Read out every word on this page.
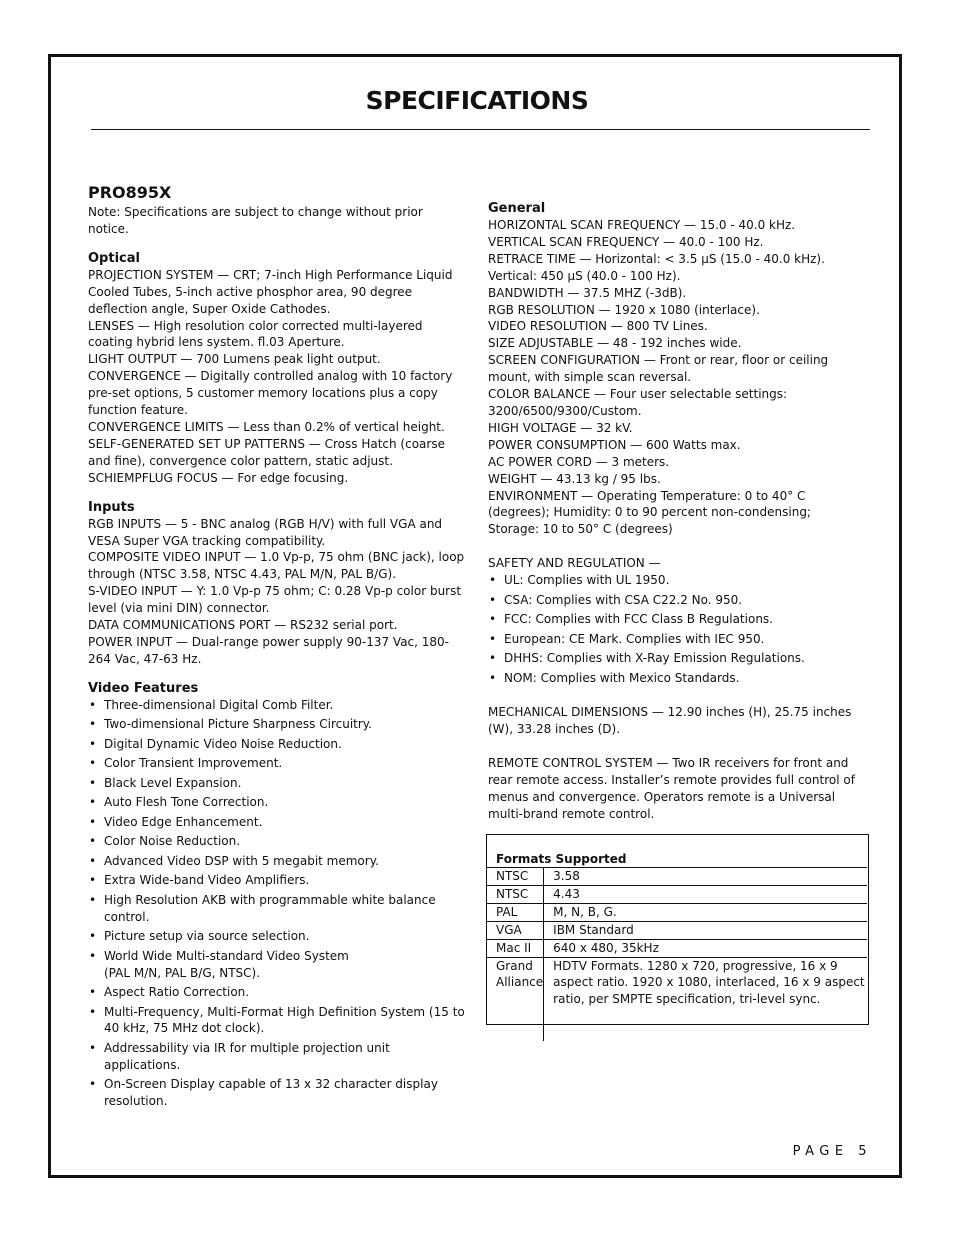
SPECIFICATIONS
PRO895X

Note: Specifications are subject to change without prior notice.

Optical

PROJECTION SYSTEM — CRT; 7-inch High Performance Liquid Cooled Tubes, 5-inch active phosphor area, 90 degree deflection angle, Super Oxide Cathodes.

LENSES — High resolution color corrected multi-layered coating hybrid lens system. fl.03 Aperture.

LIGHT OUTPUT — 700 Lumens peak light output.

CONVERGENCE — Digitally controlled analog with 10 factory pre-set options, 5 customer memory locations plus a copy function feature.

CONVERGENCE LIMITS — Less than 0.2% of vertical height.

SELF-GENERATED SET UP PATTERNS — Cross Hatch (coarse and fine), convergence color pattern, static adjust.

SCHIEMPFLUG FOCUS — For edge focusing.

Inputs

RGB INPUTS — 5 - BNC analog (RGB H/V) with full VGA and VESA Super VGA tracking compatibility.

COMPOSITE VIDEO INPUT — 1.0 Vp-p, 75 ohm (BNC jack), loop through (NTSC 3.58, NTSC 4.43, PAL M/N, PAL B/G).

S-VIDEO INPUT — Y: 1.0 Vp-p 75 ohm; C: 0.28 Vp-p color burst level (via mini DIN) connector.

DATA COMMUNICATIONS PORT — RS232 serial port.

POWER INPUT — Dual-range power supply 90-137 Vac, 180-264 Vac, 47-63 Hz.

Video Features
• Three-dimensional Digital Comb Filter.
• Two-dimensional Picture Sharpness Circuitry.
• Digital Dynamic Video Noise Reduction.
• Color Transient Improvement.
• Black Level Expansion.
• Auto Flesh Tone Correction.
• Video Edge Enhancement.
• Color Noise Reduction.
• Advanced Video DSP with 5 megabit memory.
• Extra Wide-band Video Amplifiers.
• High Resolution AKB with programmable white balance control.
• Picture setup via source selection.
• World Wide Multi-standard Video System
(PAL M/N, PAL B/G, NTSC).
• Aspect Ratio Correction.
• Multi-Frequency, Multi-Format High Definition System (15 to 40 kHz, 75 MHz dot clock).
• Addressability via IR for multiple projection unit applications.
• On-Screen Display capable of 13 x 32 character display resolution.
General

HORIZONTAL SCAN FREQUENCY — 15.0 - 40.0 kHz.

VERTICAL SCAN FREQUENCY — 40.0 - 100 Hz.

RETRACE TIME — Horizontal: < 3.5 µS (15.0 - 40.0 kHz).

Vertical: 450 µS (40.0 - 100 Hz).

BANDWIDTH — 37.5 MHZ (-3dB).

RGB RESOLUTION — 1920 x 1080 (interlace).

VIDEO RESOLUTION — 800 TV Lines.

SIZE ADJUSTABLE — 48 - 192 inches wide.

SCREEN CONFIGURATION — Front or rear, floor or ceiling mount, with simple scan reversal.

COLOR BALANCE — Four user selectable settings: 3200/6500/9300/Custom.

HIGH VOLTAGE — 32 kV.

POWER CONSUMPTION — 600 Watts max.

AC POWER CORD — 3 meters.

WEIGHT — 43.13 kg / 95 lbs.

ENVIRONMENT — Operating Temperature: 0 to 40° C (degrees); Humidity: 0 to 90 percent non-condensing;

Storage: 10 to 50° C (degrees)

SAFETY AND REGULATION —

• UL: Complies with UL 1950.
• CSA: Complies with CSA C22.2 No. 950.
• FCC: Complies with FCC Class B Regulations.
• European: CE Mark. Complies with IEC 950.
• DHHS: Complies with X-Ray Emission Regulations.
• NOM: Complies with Mexico Standards.

MECHANICAL DIMENSIONS — 12.90 inches (H), 25.75 inches (W), 33.28 inches (D).

REMOTE CONTROL SYSTEM — Two IR receivers for front and rear remote access. Installer’s remote provides full control of menus and convergence. Operators remote is a Universal multi-brand remote control.

Formats Supported
NTSC	3.58
NTSC	4.43
PAL	M, N, B, G.
VGA	IBM Standard
Mac II	640 x 480, 35kHz
Grand Alliance	HDTV Formats. 1280 x 720, progressive, 16 x 9 aspect ratio. 1920 x 1080, interlaced, 16 x 9 aspect ratio, per SMPTE specification, tri-level sync.
PAGE 5
